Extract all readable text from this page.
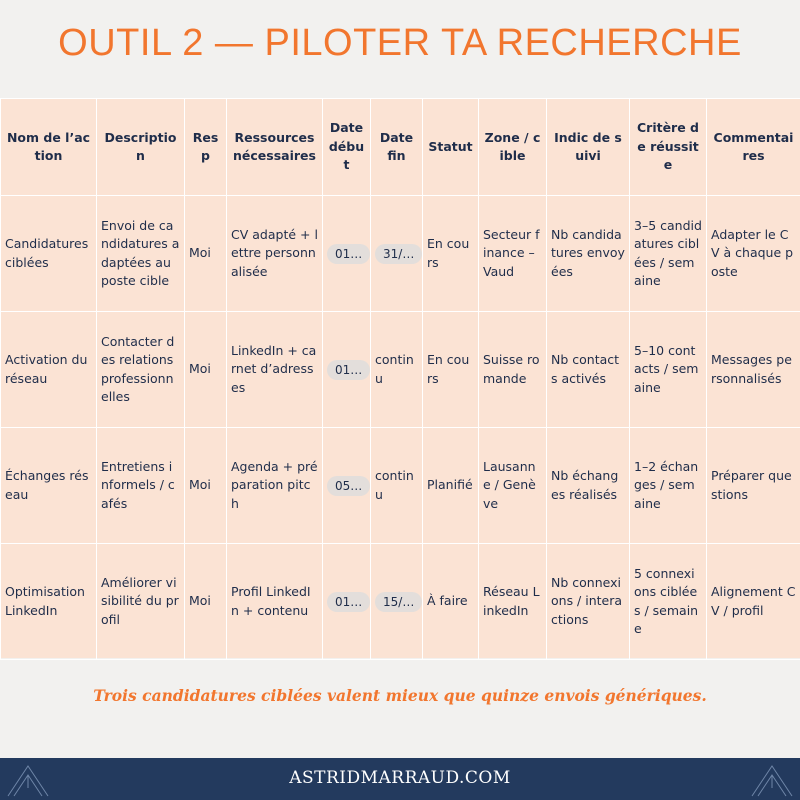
OUTIL 2 — PILOTER TA RECHERCHE
Nom de l’action	Description	Resp	Ressources nécessaires	Date début	Date fin	Statut	Zone / cible	Indic de suivi	Critère de réussite	Commentaires
Candidatures ciblées	Envoi de candidatures adaptées au poste cible	Moi	CV adapté + lettre personnalisée	01…	31/…	En cours	Secteur finance – Vaud	Nb candidatures envoyées	3–5 candidatures ciblées / semaine	Adapter le CV à chaque poste
Activation du réseau	Contacter des relations professionnelles	Moi	LinkedIn + carnet d’adresses	01…	continu	En cours	Suisse romande	Nb contacts activés	5–10 contacts / semaine	Messages personnalisés
Échanges réseau	Entretiens informels / cafés	Moi	Agenda + préparation pitch	05…	continu	Planifié	Lausanne / Genève	Nb échanges réalisés	1–2 échanges / semaine	Préparer questions
Optimisation LinkedIn	Améliorer visibilité du profil	Moi	Profil LinkedIn + contenu	01…	15/…	À faire	Réseau LinkedIn	Nb connexions / interactions	5 connexions ciblées / semaine	Alignement CV / profil
Trois candidatures ciblées valent mieux que quinze envois génériques.
ASTRIDMARRAUD.COM
